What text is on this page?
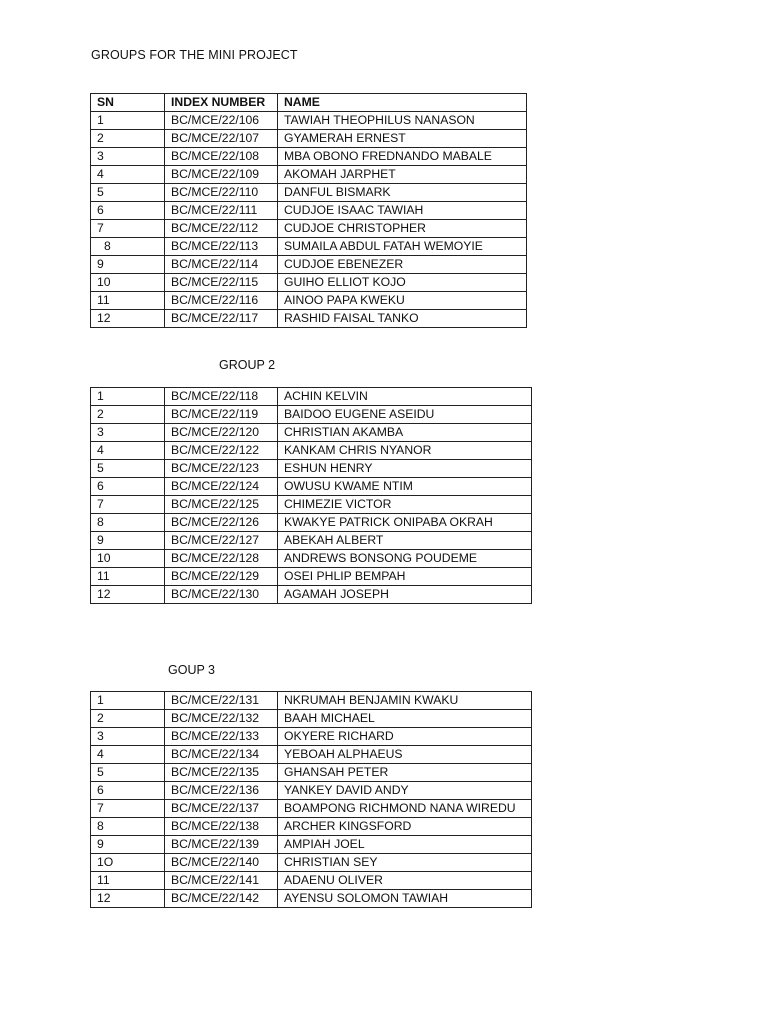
GROUPS FOR THE MINI PROJECT
SN	INDEX NUMBER	NAME
1	BC/MCE/22/106	TAWIAH THEOPHILUS NANASON
2	BC/MCE/22/107	GYAMERAH ERNEST
3	BC/MCE/22/108	MBA OBONO FREDNANDO MABALE
4	BC/MCE/22/109	AKOMAH JARPHET
5	BC/MCE/22/110	DANFUL BISMARK
6	BC/MCE/22/111	CUDJOE ISAAC TAWIAH
7	BC/MCE/22/112	CUDJOE CHRISTOPHER
8	BC/MCE/22/113	SUMAILA ABDUL FATAH WEMOYIE
9	BC/MCE/22/114	CUDJOE EBENEZER
10	BC/MCE/22/115	GUIHO ELLIOT KOJO
11	BC/MCE/22/116	AINOO PAPA KWEKU
12	BC/MCE/22/117	RASHID FAISAL TANKO
GROUP 2
1	BC/MCE/22/118	ACHIN KELVIN
2	BC/MCE/22/119	BAIDOO EUGENE ASEIDU
3	BC/MCE/22/120	CHRISTIAN AKAMBA
4	BC/MCE/22/122	KANKAM CHRIS NYANOR
5	BC/MCE/22/123	ESHUN HENRY
6	BC/MCE/22/124	OWUSU KWAME NTIM
7	BC/MCE/22/125	CHIMEZIE VICTOR
8	BC/MCE/22/126	KWAKYE PATRICK ONIPABA OKRAH
9	BC/MCE/22/127	ABEKAH ALBERT
10	BC/MCE/22/128	ANDREWS BONSONG POUDEME
11	BC/MCE/22/129	OSEI PHLIP BEMPAH
12	BC/MCE/22/130	AGAMAH JOSEPH
GOUP 3
1	BC/MCE/22/131	NKRUMAH BENJAMIN KWAKU
2	BC/MCE/22/132	BAAH MICHAEL
3	BC/MCE/22/133	OKYERE RICHARD
4	BC/MCE/22/134	YEBOAH ALPHAEUS
5	BC/MCE/22/135	GHANSAH PETER
6	BC/MCE/22/136	YANKEY DAVID ANDY
7	BC/MCE/22/137	BOAMPONG RICHMOND NANA WIREDU
8	BC/MCE/22/138	ARCHER KINGSFORD
9	BC/MCE/22/139	AMPIAH JOEL
1O	BC/MCE/22/140	CHRISTIAN SEY
11	BC/MCE/22/141	ADAENU OLIVER
12	BC/MCE/22/142	AYENSU SOLOMON TAWIAH
